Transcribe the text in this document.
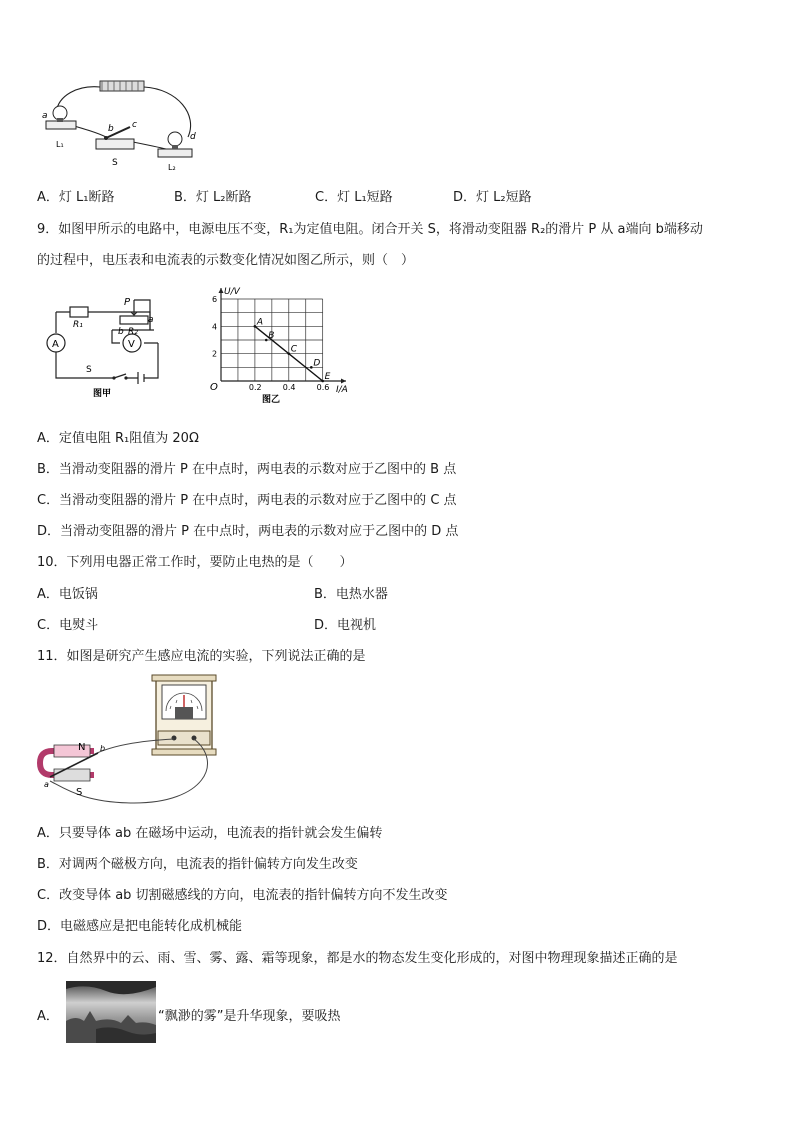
a
b c
d
L₁
S	L₂
A．灯 L₁断路	B．灯 L₂断路	C．灯 L₁短路	D．灯 L₂短路
9．如图甲所示的电路中，电源电压不变，R₁为定值电阻。闭合开关 S，将滑动变阻器 R₂的滑片 P 从 a端向 b端移动
的过程中，电压表和电流表的示数变化情况如图乙所示，则（　）
R₁
R₂
P
b
a
A	V
S
图甲
2
4
6
0.2	0.4	0.6
A
B
C
D
E
O
U/V
I/A
图乙
A．定值电阻 R₁阻值为 20Ω
B．当滑动变阻器的滑片 P 在中点时，两电表的示数对应于乙图中的 B 点
C．当滑动变阻器的滑片 P 在中点时，两电表的示数对应于乙图中的 C 点
D．当滑动变阻器的滑片 P 在中点时，两电表的示数对应于乙图中的 D 点
10．下列用电器正常工作时，要防止电热的是（　　）
A．电饭锅	B．电热水器
C．电熨斗	D．电视机
11．如图是研究产生感应电流的实验，下列说法正确的是
N
S
a
b
A．只要导体 ab 在磁场中运动，电流表的指针就会发生偏转
B．对调两个磁极方向，电流表的指针偏转方向发生改变
C．改变导体 ab 切割磁感线的方向，电流表的指针偏转方向不发生改变
D．电磁感应是把电能转化成机械能
12．自然界中的云、雨、雪、雾、露、霜等现象，都是水的物态发生变化形成的，对图中物理现象描述正确的是
A．	“飘渺的雾”是升华现象，要吸热
